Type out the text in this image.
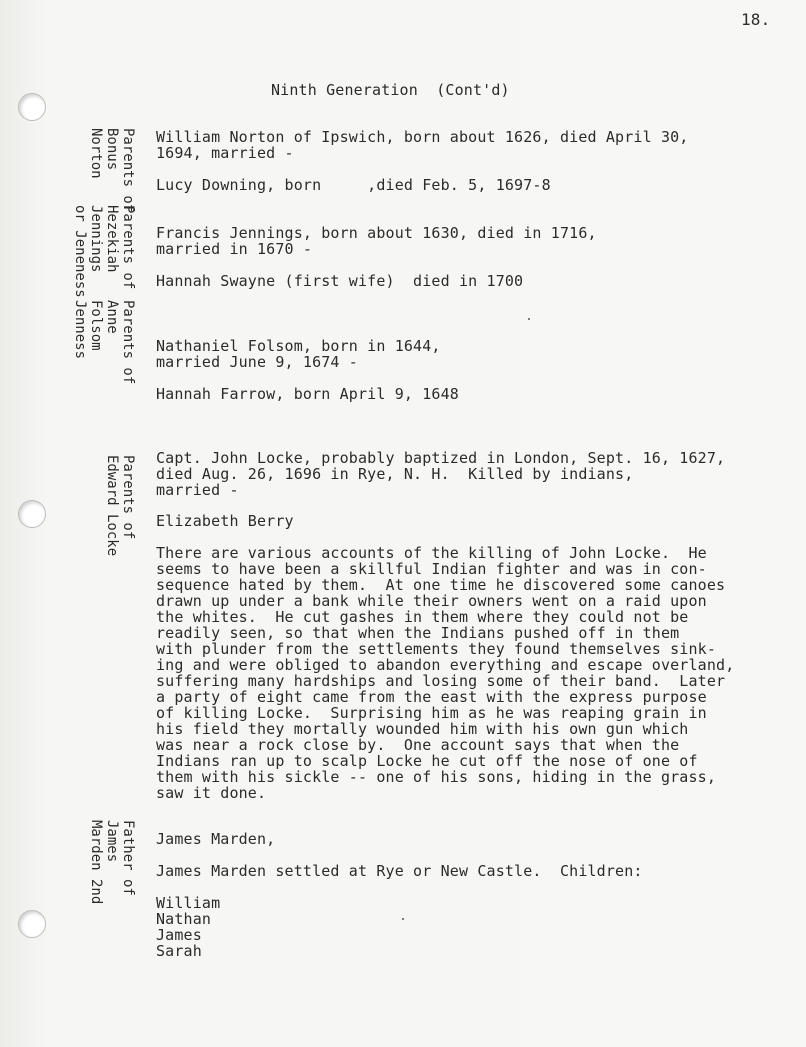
18.
Ninth Generation  (Cont'd)

Parents of

Bonus

Norton

Parents of

Hezekiah

Jennings

or Jeneness

Parents of

Anne

Folsom

Jenness

Parents of

Edward Locke

Father of

James

Marden 2nd

William Norton of Ipswich, born about 1626, died April 30,
1694, married -
Lucy Downing, born     ,died Feb. 5, 1697-8
Francis Jennings, born about 1630, died in 1716,
married in 1670 -
Hannah Swayne (first wife)  died in 1700
Nathaniel Folsom, born in 1644,
married June 9, 1674 -
Hannah Farrow, born April 9, 1648
Capt. John Locke, probably baptized in London, Sept. 16, 1627,
died Aug. 26, 1696 in Rye, N. H.  Killed by indians,
married -
Elizabeth Berry
There are various accounts of the killing of John Locke.  He
seems to have been a skillful Indian fighter and was in con-
sequence hated by them.  At one time he discovered some canoes
drawn up under a bank while their owners went on a raid upon
the whites.  He cut gashes in them where they could not be
readily seen, so that when the Indians pushed off in them
with plunder from the settlements they found themselves sink-
ing and were obliged to abandon everything and escape overland,
suffering many hardships and losing some of their band.  Later
a party of eight came from the east with the express purpose
of killing Locke.  Surprising him as he was reaping grain in
his field they mortally wounded him with his own gun which
was near a rock close by.  One account says that when the
Indians ran up to scalp Locke he cut off the nose of one of
them with his sickle -- one of his sons, hiding in the grass,
saw it done.
James Marden,
James Marden settled at Rye or New Castle.  Children:
William
Nathan
James
Sarah
